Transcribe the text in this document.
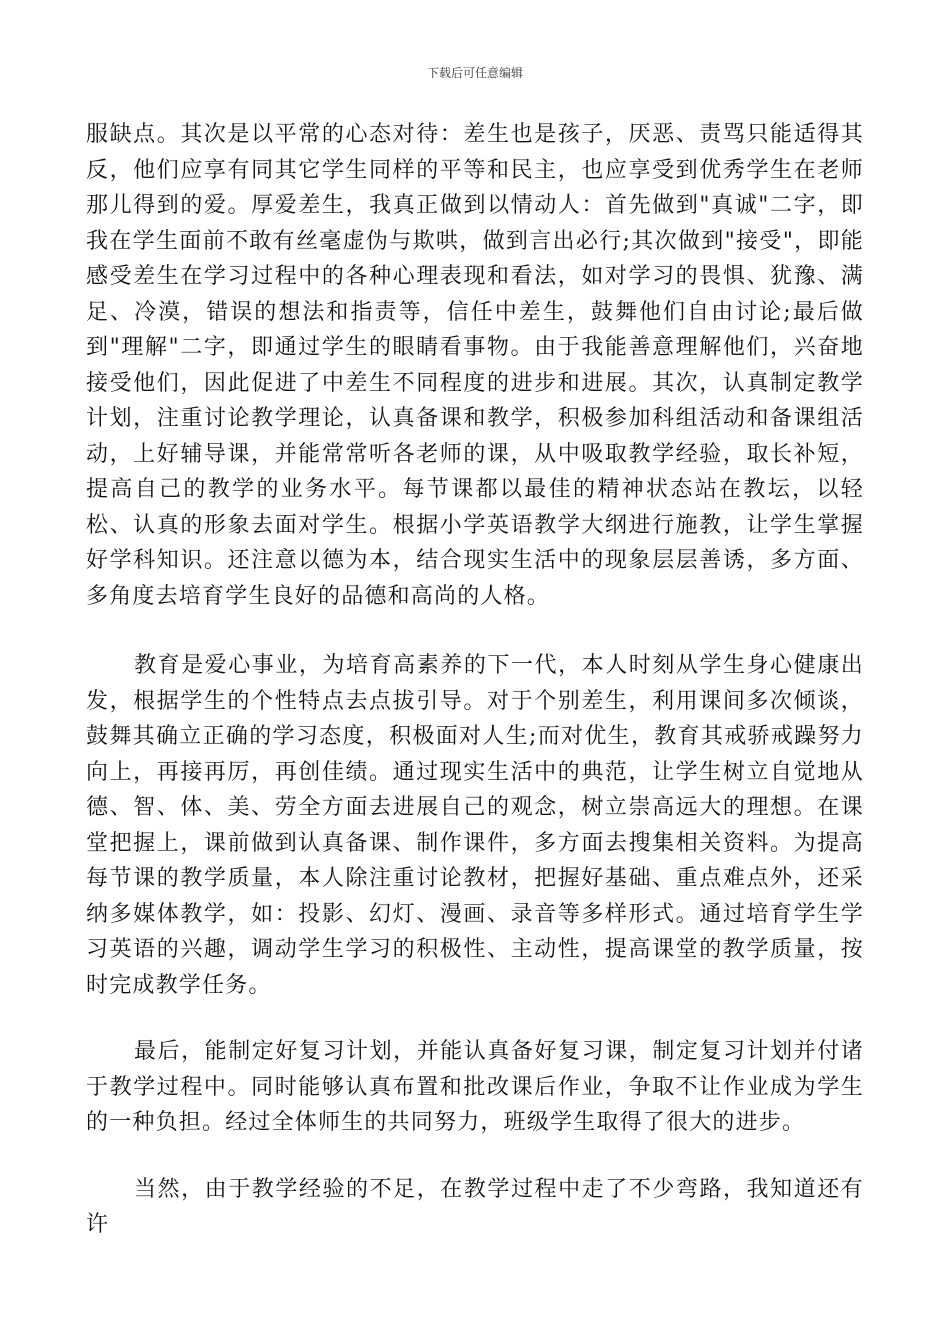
下载后可任意编辑

服缺点。其次是以平常的心态对待：差生也是孩子，厌恶、责骂只能适得其反，他们应享有同其它学生同样的平等和民主，也应享受到优秀学生在老师那儿得到的爱。厚爱差生，我真正做到以情动人：首先做到"真诚"二字，即我在学生面前不敢有丝毫虚伪与欺哄，做到言出必行;其次做到"接受"，即能感受差生在学习过程中的各种心理表现和看法，如对学习的畏惧、犹豫、满足、冷漠，错误的想法和指责等，信任中差生，鼓舞他们自由讨论;最后做到"理解"二字，即通过学生的眼睛看事物。由于我能善意理解他们，兴奋地接受他们，因此促进了中差生不同程度的进步和进展。其次，认真制定教学计划，注重讨论教学理论，认真备课和教学，积极参加科组活动和备课组活动，上好辅导课，并能常常听各老师的课，从中吸取教学经验，取长补短，提高自己的教学的业务水平。每节课都以最佳的精神状态站在教坛，以轻松、认真的形象去面对学生。根据小学英语教学大纲进行施教，让学生掌握好学科知识。还注意以德为本，结合现实生活中的现象层层善诱，多方面、多角度去培育学生良好的品德和高尚的人格。

教育是爱心事业，为培育高素养的下一代，本人时刻从学生身心健康出发，根据学生的个性特点去点拔引导。对于个别差生，利用课间多次倾谈，鼓舞其确立正确的学习态度，积极面对人生;而对优生，教育其戒骄戒躁努力向上，再接再厉，再创佳绩。通过现实生活中的典范，让学生树立自觉地从德、智、体、美、劳全方面去进展自己的观念，树立崇高远大的理想。在课堂把握上，课前做到认真备课、制作课件，多方面去搜集相关资料。为提高每节课的教学质量，本人除注重讨论教材，把握好基础、重点难点外，还采纳多媒体教学，如：投影、幻灯、漫画、录音等多样形式。通过培育学生学习英语的兴趣，调动学生学习的积极性、主动性，提高课堂的教学质量，按时完成教学任务。

最后，能制定好复习计划，并能认真备好复习课，制定复习计划并付诸于教学过程中。同时能够认真布置和批改课后作业，争取不让作业成为学生的一种负担。经过全体师生的共同努力，班级学生取得了很大的进步。

当然，由于教学经验的不足，在教学过程中走了不少弯路，我知道还有许
